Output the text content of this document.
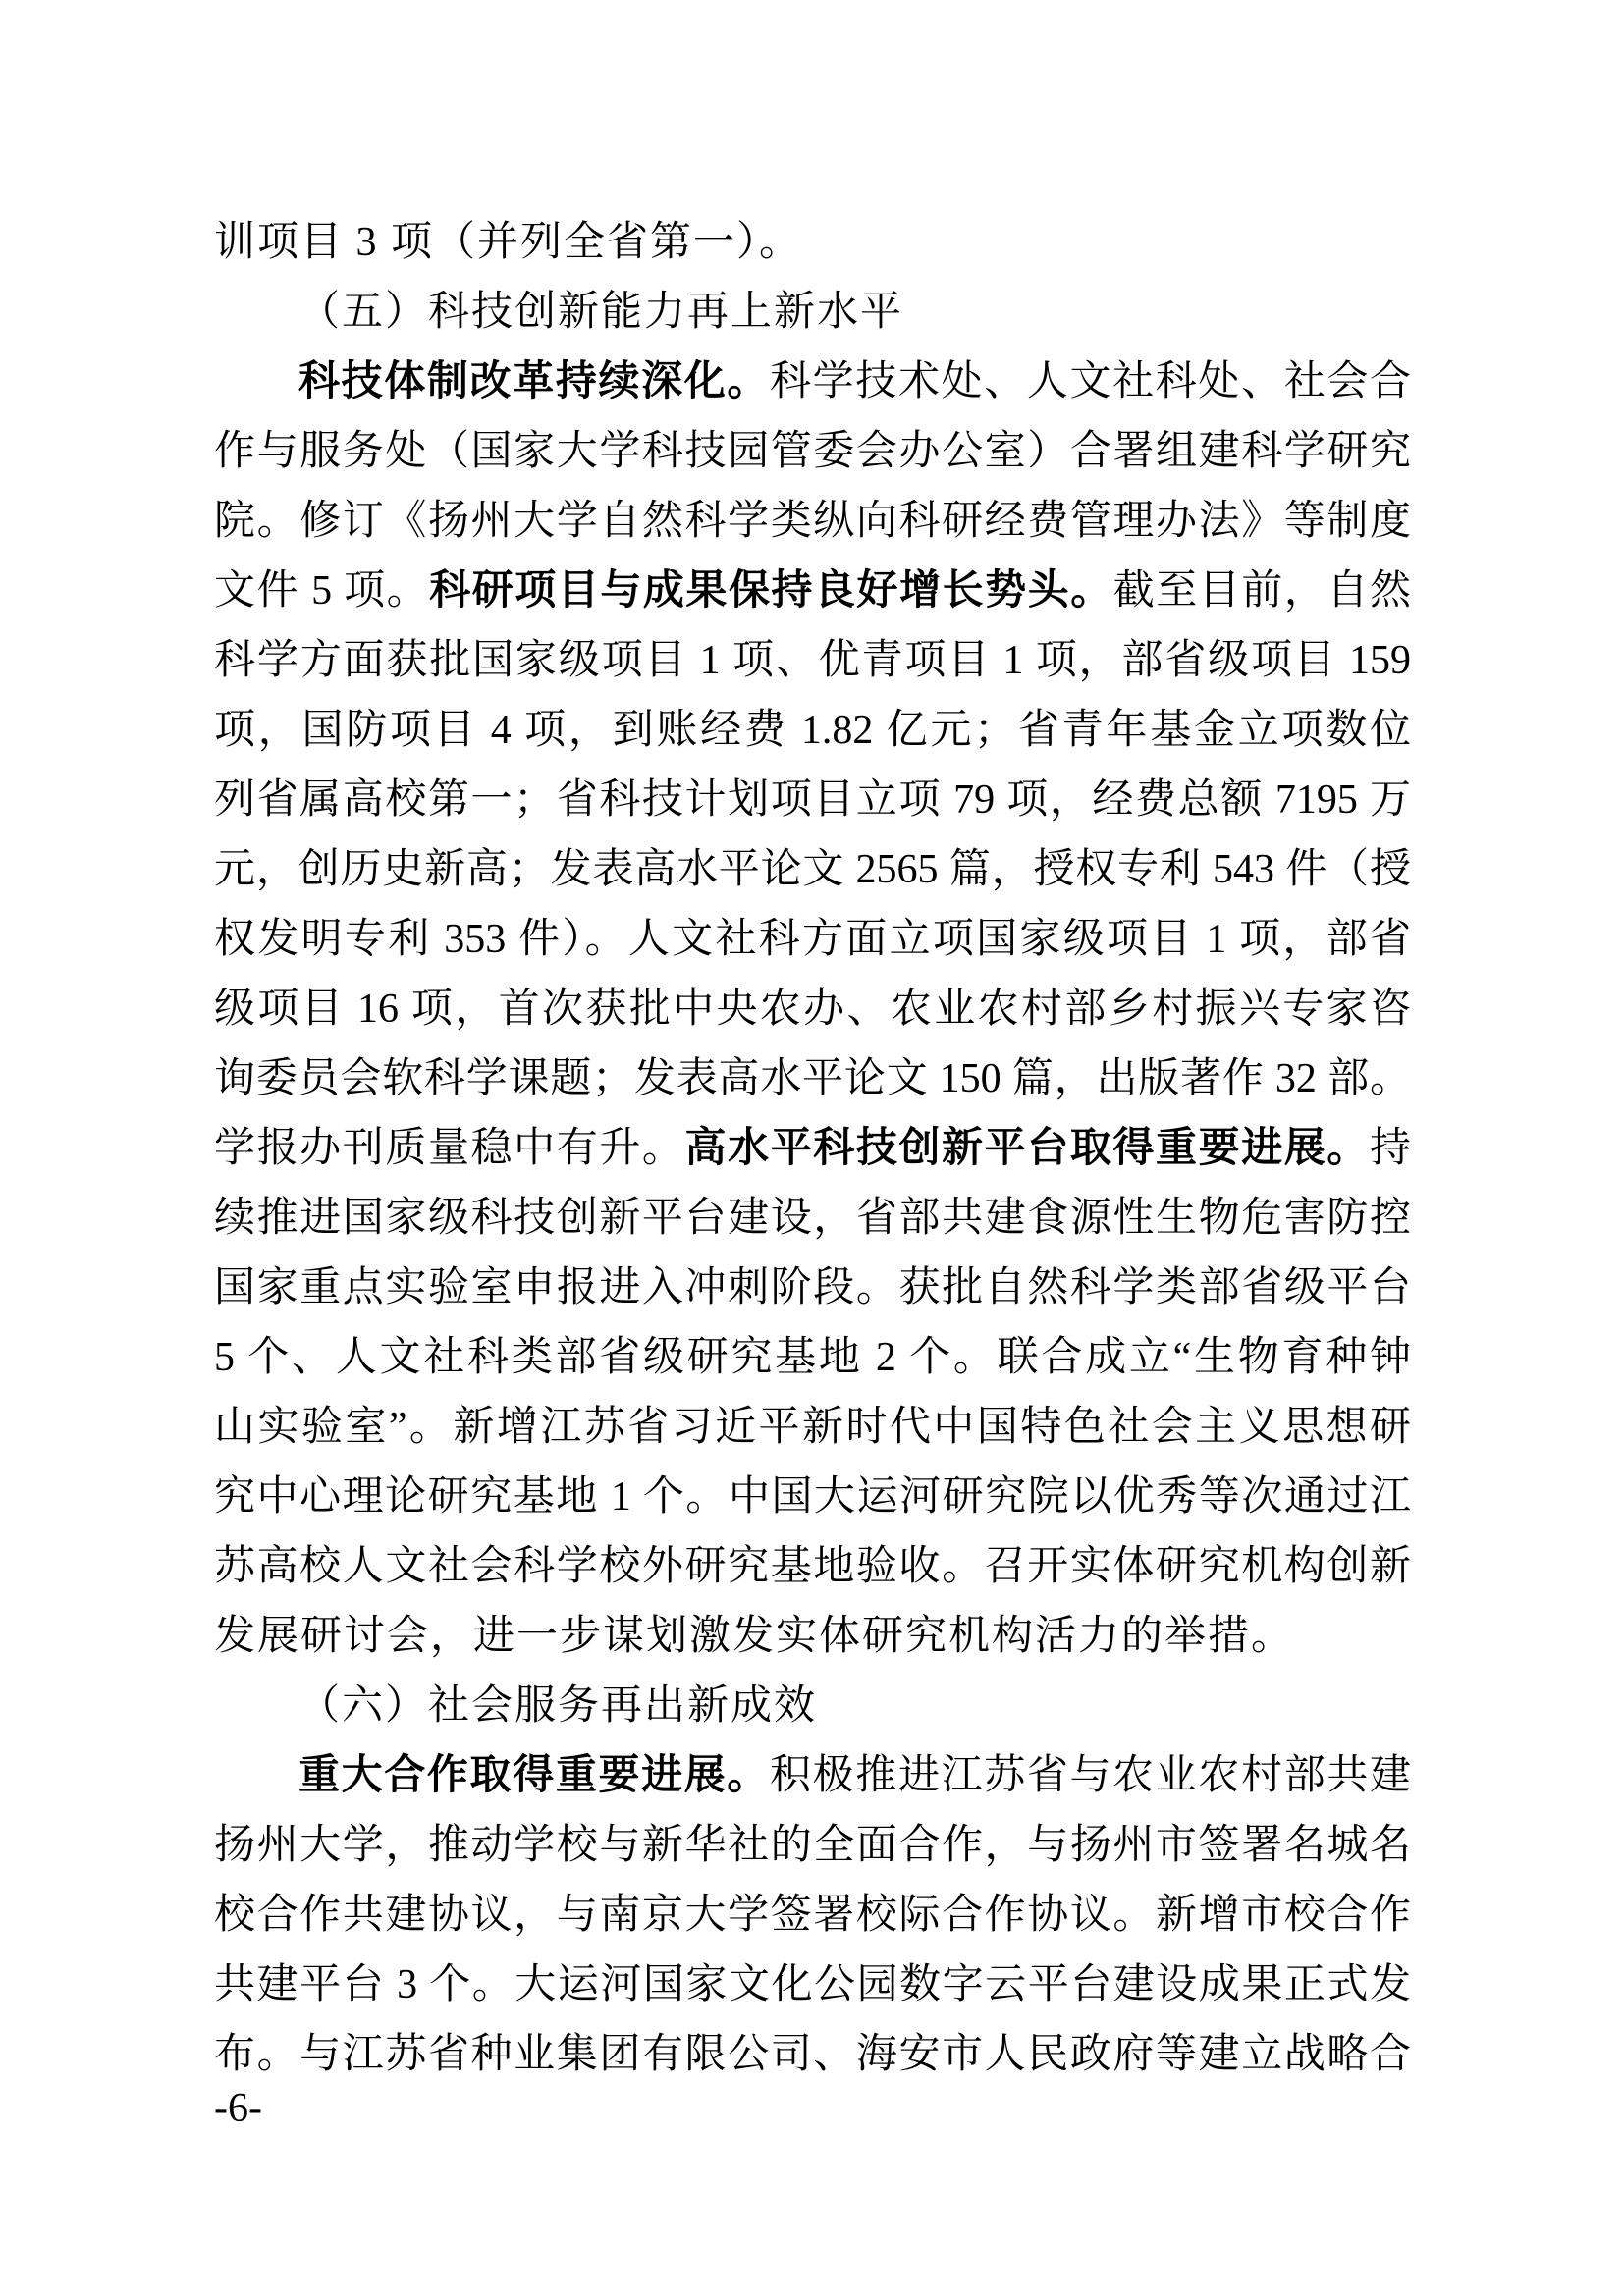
训项目 3 项（并列全省第一）。
（五）科技创新能力再上新水平
科技体制改革持续深化。科学技术处、人文社科处、社会合
作与服务处（国家大学科技园管委会办公室）合署组建科学研究
院。修订《扬州大学自然科学类纵向科研经费管理办法》等制度
文件 5 项。科研项目与成果保持良好增长势头。截至目前，自然
科学方面获批国家级项目 1 项、优青项目 1 项，部省级项目 159
项，国防项目 4 项，到账经费 1.82 亿元；省青年基金立项数位
列省属高校第一；省科技计划项目立项 79 项，经费总额 7195 万
元，创历史新高；发表高水平论文 2565 篇，授权专利 543 件（授
权发明专利 353 件）。人文社科方面立项国家级项目 1 项，部省
级项目 16 项，首次获批中央农办、农业农村部乡村振兴专家咨
询委员会软科学课题；发表高水平论文 150 篇，出版著作 32 部。
学报办刊质量稳中有升。高水平科技创新平台取得重要进展。持
续推进国家级科技创新平台建设，省部共建食源性生物危害防控
国家重点实验室申报进入冲刺阶段。获批自然科学类部省级平台
5 个、人文社科类部省级研究基地 2 个。联合成立“生物育种钟
山实验室”。新增江苏省习近平新时代中国特色社会主义思想研
究中心理论研究基地 1 个。中国大运河研究院以优秀等次通过江
苏高校人文社会科学校外研究基地验收。召开实体研究机构创新
发展研讨会，进一步谋划激发实体研究机构活力的举措。
（六）社会服务再出新成效
重大合作取得重要进展。积极推进江苏省与农业农村部共建
扬州大学，推动学校与新华社的全面合作，与扬州市签署名城名
校合作共建协议，与南京大学签署校际合作协议。新增市校合作
共建平台 3 个。大运河国家文化公园数字云平台建设成果正式发
布。与江苏省种业集团有限公司、海安市人民政府等建立战略合
-6-
